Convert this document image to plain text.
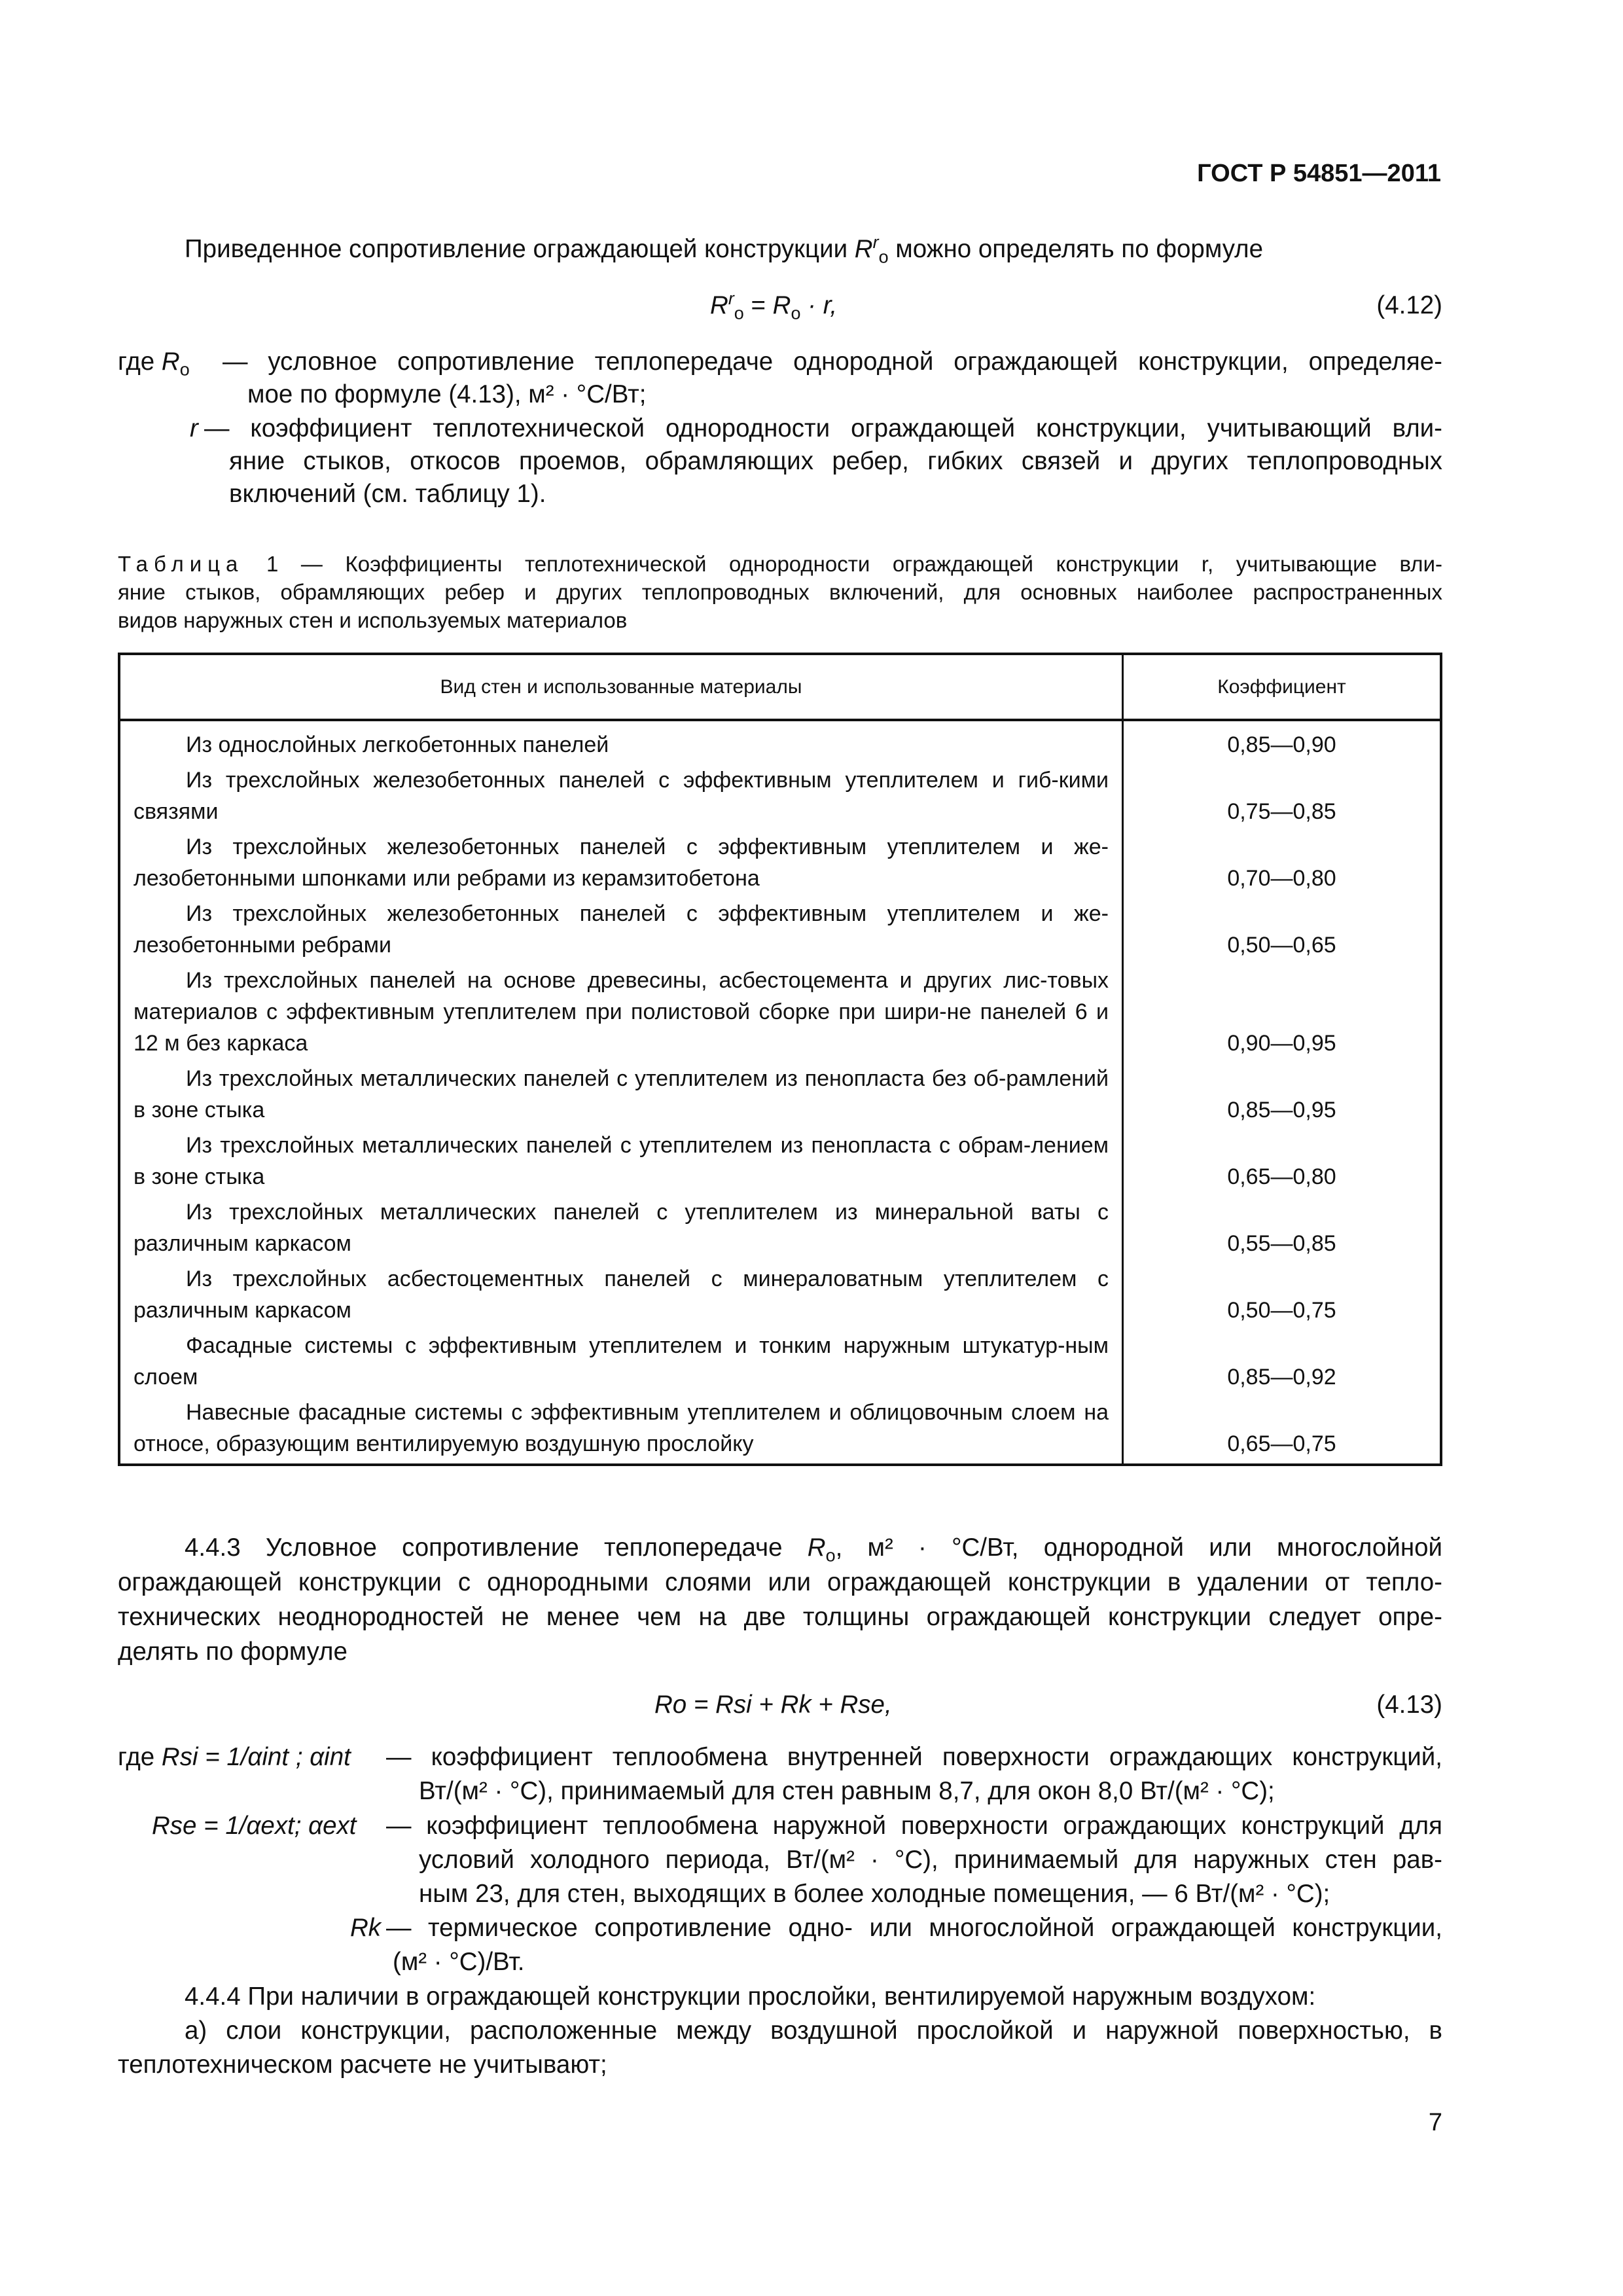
ГОСТ Р 54851—2011
Приведенное сопротивление ограждающей конструкции $R^r_о$ можно определять по формуле
$R^r_о = R_о \cdot r$,	(4.12)
где $R_о$ — условное сопротивление теплопередаче однородной ограждающей конструкции, определяе-
мое по формуле (4.13), м² · °С/Вт;
r — коэффициент теплотехнической однородности ограждающей конструкции, учитывающий вли-
яние стыков, откосов проемов, обрамляющих ребер, гибких связей и других теплопроводных
включений (см. таблицу 1).
Таблица 1 — Коэффициенты теплотехнической однородности ограждающей конструкции r, учитывающие вли-
яние стыков, обрамляющих ребер и других теплопроводных включений, для основных наиболее распространенных
видов наружных стен и используемых материалов
Вид стен и использованные материалы	Коэффициент

Из однослойных легкобетонных панелей	0,85—0,90

Из трехслойных железобетонных панелей с эффективным утеплителем и гиб-кими связями	0,75—0,85

Из трехслойных железобетонных панелей с эффективным утеплителем и же-лезобетонными шпонками или ребрами из керамзитобетона	0,70—0,80

Из трехслойных железобетонных панелей с эффективным утеплителем и же-лезобетонными ребрами	0,50—0,65

Из трехслойных панелей на основе древесины, асбестоцемента и других лис-товых материалов с эффективным утеплителем при полистовой сборке при шири-не панелей 6 и 12 м без каркаса	0,90—0,95

Из трехслойных металлических панелей с утеплителем из пенопласта без об-рамлений в зоне стыка	0,85—0,95

Из трехслойных металлических панелей с утеплителем из пенопласта с обрам-лением в зоне стыка	0,65—0,80

Из трехслойных металлических панелей с утеплителем из минеральной ваты с различным каркасом	0,55—0,85

Из трехслойных асбестоцементных панелей с минераловатным утеплителем с различным каркасом	0,50—0,75

Фасадные системы с эффективным утеплителем и тонким наружным штукатур-ным слоем	0,85—0,92

Навесные фасадные системы с эффективным утеплителем и облицовочным слоем на относе, образующим вентилируемую воздушную прослойку	0,65—0,75
4.4.3 Условное сопротивление теплопередаче $R_о$, м² · °С/Вт, однородной или многослойной
ограждающей конструкции с однородными слоями или ограждающей конструкции в удалении от тепло-
технических неоднородностей не менее чем на две толщины ограждающей конструкции следует опре-
делять по формуле
Rо = Rsi + Rk + Rse,	(4.13)
где Rsi = 1/αint ; αint — коэффициент теплообмена внутренней поверхности ограждающих конструкций,
Вт/(м² · °С), принимаемый для стен равным 8,7, для окон 8,0 Вт/(м² · °С);
Rse = 1/αext; αext — коэффициент теплообмена наружной поверхности ограждающих конструкций для
условий холодного периода, Вт/(м² · °С), принимаемый для наружных стен рав-
ным 23, для стен, выходящих в более холодные помещения, — 6 Вт/(м² · °С);
Rk — термическое сопротивление одно- или многослойной ограждающей конструкции,
(м² · °С)/Вт.
4.4.4 При наличии в ограждающей конструкции прослойки, вентилируемой наружным воздухом:
а) слои конструкции, расположенные между воздушной прослойкой и наружной поверхностью, в
теплотехническом расчете не учитывают;
7
